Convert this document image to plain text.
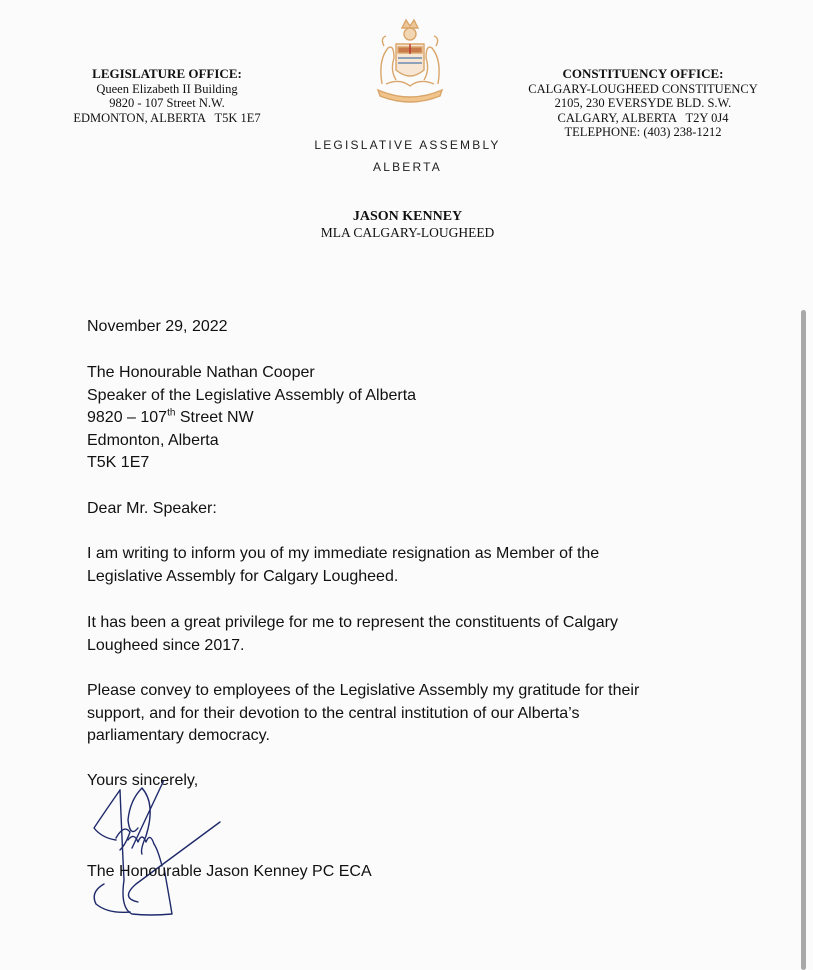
LEGISLATURE OFFICE:
Queen Elizabeth II Building
9820 - 107 Street N.W.
EDMONTON, ALBERTA   T5K 1E7
LEGISLATIVE ASSEMBLY
ALBERTA
CONSTITUENCY OFFICE:
CALGARY-LOUGHEED CONSTITUENCY
2105, 230 EVERSYDE BLD. S.W.
CALGARY, ALBERTA   T2Y 0J4
TELEPHONE: (403) 238-1212
JASON KENNEY
MLA CALGARY-LOUGHEED
November 29, 2022

The Honourable Nathan Cooper

Speaker of the Legislative Assembly of Alberta

9820 – 107th Street NW

Edmonton, Alberta

T5K 1E7

Dear Mr. Speaker:

I am writing to inform you of my immediate resignation as Member of the

Legislative Assembly for Calgary Lougheed.

It has been a great privilege for me to represent the constituents of Calgary

Lougheed since 2017.

Please convey to employees of the Legislative Assembly my gratitude for their

support, and for their devotion to the central institution of our Alberta’s

parliamentary democracy.

Yours sincerely,
The Honourable Jason Kenney PC ECA
